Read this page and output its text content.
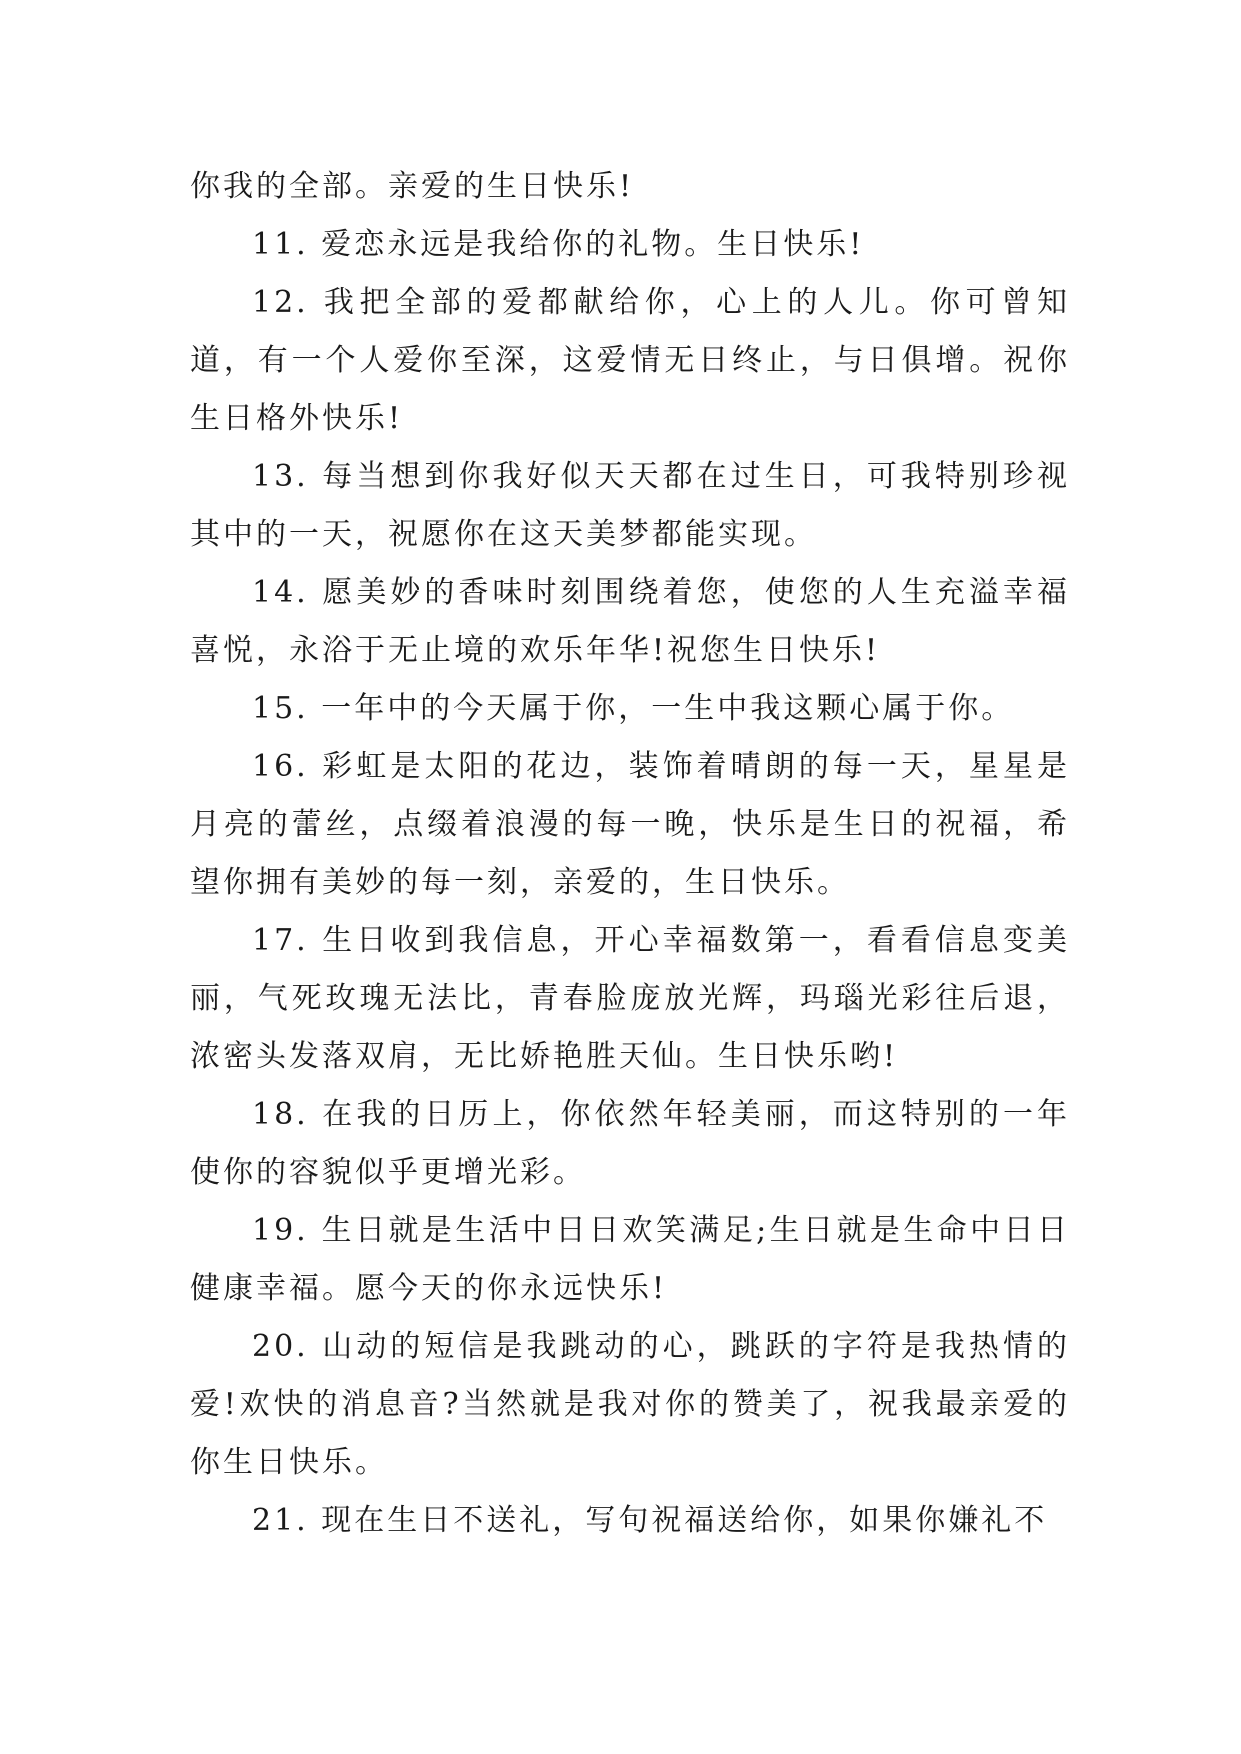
你我的全部。亲爱的生日快乐!

11. 爱恋永远是我给你的礼物。生日快乐!

12. 我把全部的爱都献给你，心上的人儿。你可曾知道，有一个人爱你至深，这爱情无日终止，与日俱增。祝你生日格外快乐!

13. 每当想到你我好似天天都在过生日，可我特别珍视其中的一天，祝愿你在这天美梦都能实现。

14. 愿美妙的香味时刻围绕着您，使您的人生充溢幸福喜悦，永浴于无止境的欢乐年华!祝您生日快乐!

15. 一年中的今天属于你，一生中我这颗心属于你。

16. 彩虹是太阳的花边，装饰着晴朗的每一天，星星是月亮的蕾丝，点缀着浪漫的每一晚，快乐是生日的祝福，希望你拥有美妙的每一刻，亲爱的，生日快乐。

17. 生日收到我信息，开心幸福数第一，看看信息变美丽，气死玫瑰无法比，青春脸庞放光辉，玛瑙光彩往后退，浓密头发落双肩，无比娇艳胜天仙。生日快乐哟!

18. 在我的日历上，你依然年轻美丽，而这特别的一年使你的容貌似乎更增光彩。

19. 生日就是生活中日日欢笑满足;生日就是生命中日日健康幸福。愿今天的你永远快乐!

20. 山动的短信是我跳动的心，跳跃的字符是我热情的爱!欢快的消息音?当然就是我对你的赞美了，祝我最亲爱的你生日快乐。

21. 现在生日不送礼，写句祝福送给你，如果你嫌礼不
